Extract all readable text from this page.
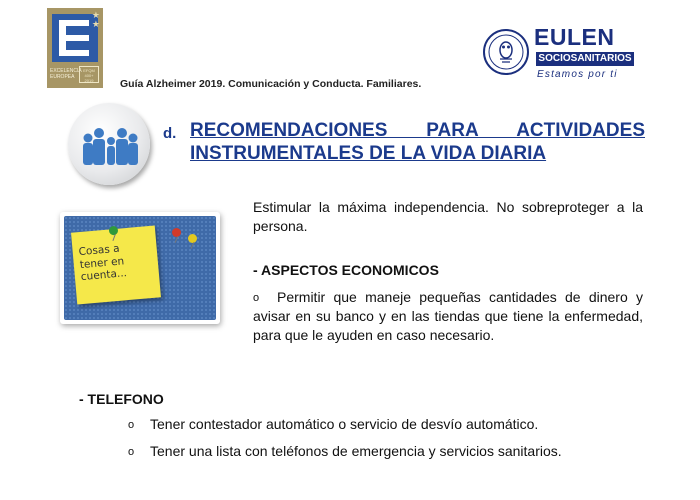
★
★
EXCELENCIA EUROPEA
EFQM 400+ 2019	Guía Alzheimer 2019. Comunicación y Conducta. Familiares.
EULEN
SOCIOSANITARIOS
Estamos por ti
d. RECOMENDACIONES PARA ACTIVIDADES
INSTRUMENTALES DE LA VIDA DIARIA
Cosas a
tener en
cuenta...
Estimular la máxima independencia. No sobreproteger a la persona.
- ASPECTOS ECONOMICOS
o	Permitir que maneje pequeñas cantidades de dinero y avisar en su banco y en las tiendas que tiene la enfermedad, para que le ayuden en caso necesario.
- TELEFONO
o Tener contestador automático o servicio de desvío automático.
o Tener una lista con teléfonos de emergencia y servicios sanitarios.
